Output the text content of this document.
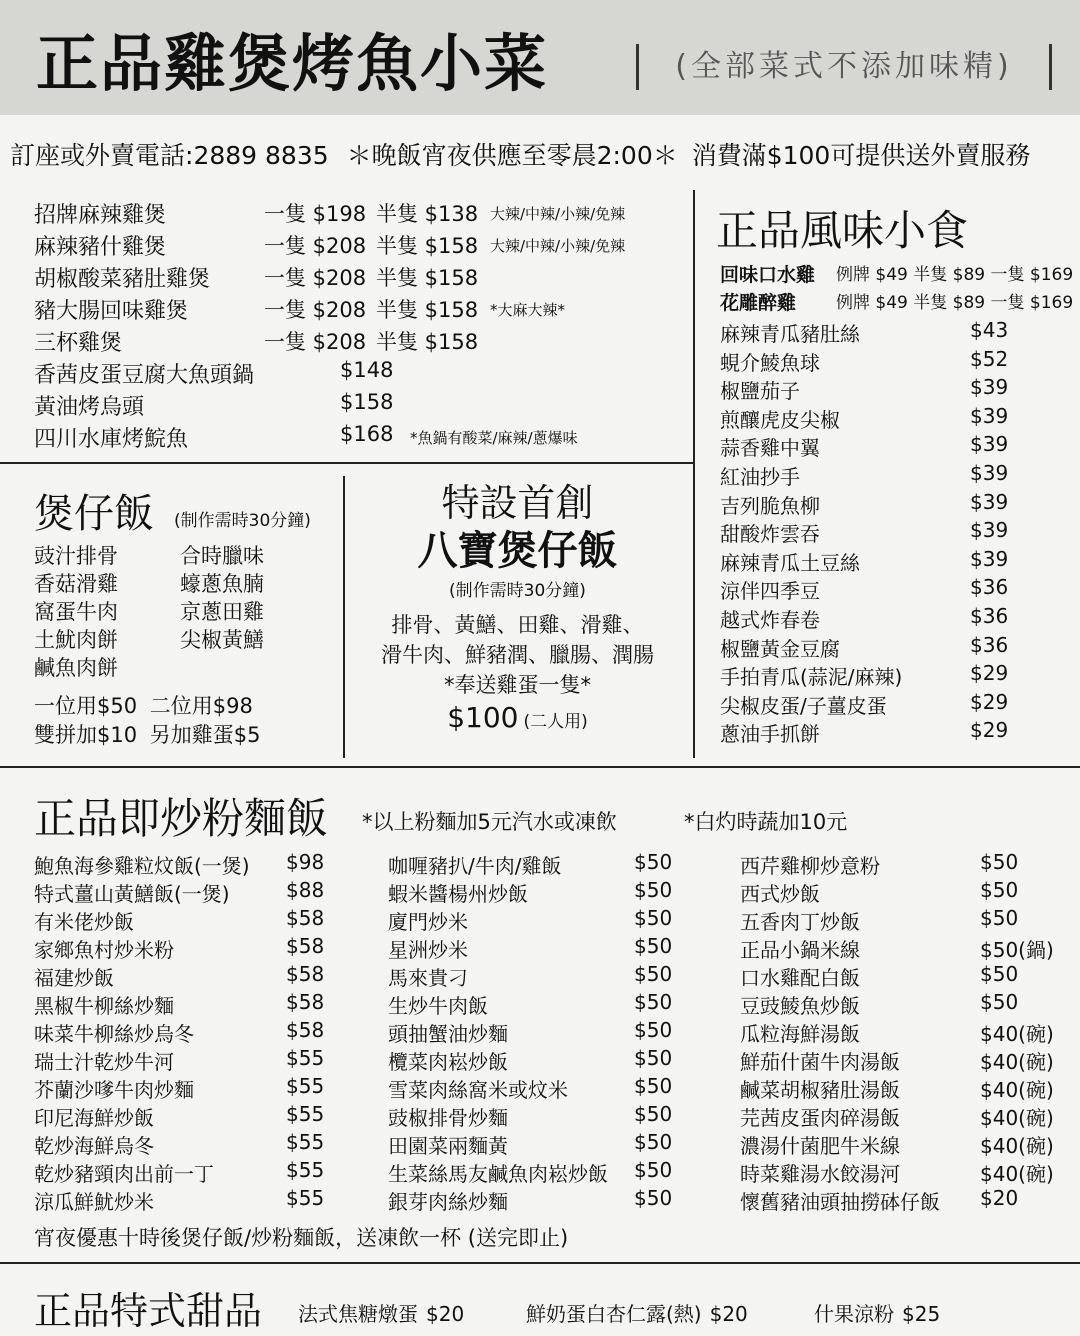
正品雞煲烤魚小菜	(全部菜式不添加味精)
訂座或外賣電話:2889 8835 ＊晚飯宵夜供應至零晨2:00＊ 消費滿$100可提供送外賣服務
招牌麻辣雞煲	一隻 $198 半隻 $138 大辣/中辣/小辣/免辣
麻辣豬什雞煲	一隻 $208 半隻 $158 大辣/中辣/小辣/免辣
胡椒酸菜豬肚雞煲	一隻 $208 半隻 $158
豬大腸回味雞煲	一隻 $208 半隻 $158 *大麻大辣*
三杯雞煲	一隻 $208 半隻 $158
香茜皮蛋豆腐大魚頭鍋	$148
黃油烤烏頭	$158
四川水庫烤鯇魚	$168 *魚鍋有酸菜/麻辣/蔥爆味
正品風味小食
回味口水雞 例牌 $49 半隻 $89 一隻 $169
花雕醉雞 例牌 $49 半隻 $89 一隻 $169
麻辣青瓜豬肚絲	$43
蜆介鯪魚球	$52
椒鹽茄子	$39
煎釀虎皮尖椒	$39
蒜香雞中翼	$39
紅油抄手	$39
吉列脆魚柳	$39
甜酸炸雲吞	$39
麻辣青瓜土豆絲	$39
涼伴四季豆	$36
越式炸春卷	$36
椒鹽黃金豆腐	$36
手拍青瓜(蒜泥/麻辣)	$29
尖椒皮蛋/子薑皮蛋	$29
蔥油手抓餅	$29
煲仔飯 (制作需時30分鐘)
豉汁排骨
香菇滑雞
窩蛋牛肉
土魷肉餅
鹹魚肉餅
合時臘味
蠔蔥魚腩
京蔥田雞
尖椒黃鱔
一位用$50 二位用$98
雙拼加$10 另加雞蛋$5
特設首創
八寶煲仔飯
(制作需時30分鐘)
排骨、黃鱔、田雞、滑雞、
滑牛肉、鮮豬潤、臘腸、潤腸
*奉送雞蛋一隻*
$100 (二人用)
正品即炒粉麵飯 *以上粉麵加5元汽水或凍飲	*白灼時蔬加10元
鮑魚海參雞粒炆飯(一煲) $98
特式薑山黃鱔飯(一煲)	$88
有米佬炒飯	$58
家鄉魚村炒米粉	$58
福建炒飯	$58
黑椒牛柳絲炒麵	$58
味菜牛柳絲炒烏冬	$58
瑞士汁乾炒牛河	$55
芥蘭沙嗲牛肉炒麵	$55
印尼海鮮炒飯	$55
乾炒海鮮烏冬	$55
乾炒豬頸肉出前一丁	$55
涼瓜鮮魷炒米	$55
咖喱豬扒/牛肉/雞飯	$50
蝦米醬楊州炒飯	$50
廈門炒米	$50
星洲炒米	$50
馬來貴刁	$50
生炒牛肉飯	$50
頭抽蟹油炒麵	$50
欖菜肉崧炒飯	$50
雪菜肉絲窩米或炆米	$50
豉椒排骨炒麵	$50
田園菜兩麵黃	$50
生菜絲馬友鹹魚肉崧炒飯 $50
銀芽肉絲炒麵	$50
西芹雞柳炒意粉	$50
西式炒飯	$50
五香肉丁炒飯	$50
正品小鍋米線	$50(鍋)
口水雞配白飯	$50
豆豉鯪魚炒飯	$50
瓜粒海鮮湯飯	$40(碗)
鮮茄什菌牛肉湯飯	$40(碗)
鹹菜胡椒豬肚湯飯	$40(碗)
芫茜皮蛋肉碎湯飯	$40(碗)
濃湯什菌肥牛米線	$40(碗)
時菜雞湯水餃湯河	$40(碗)
懷舊豬油頭抽撈砵仔飯 $20
宵夜優惠十時後煲仔飯/炒粉麵飯，送凍飲一杯 (送完即止)
正品特式甜品 法式焦糖燉蛋 $20	鮮奶蛋白杏仁露(熱) $20	什果涼粉 $25
